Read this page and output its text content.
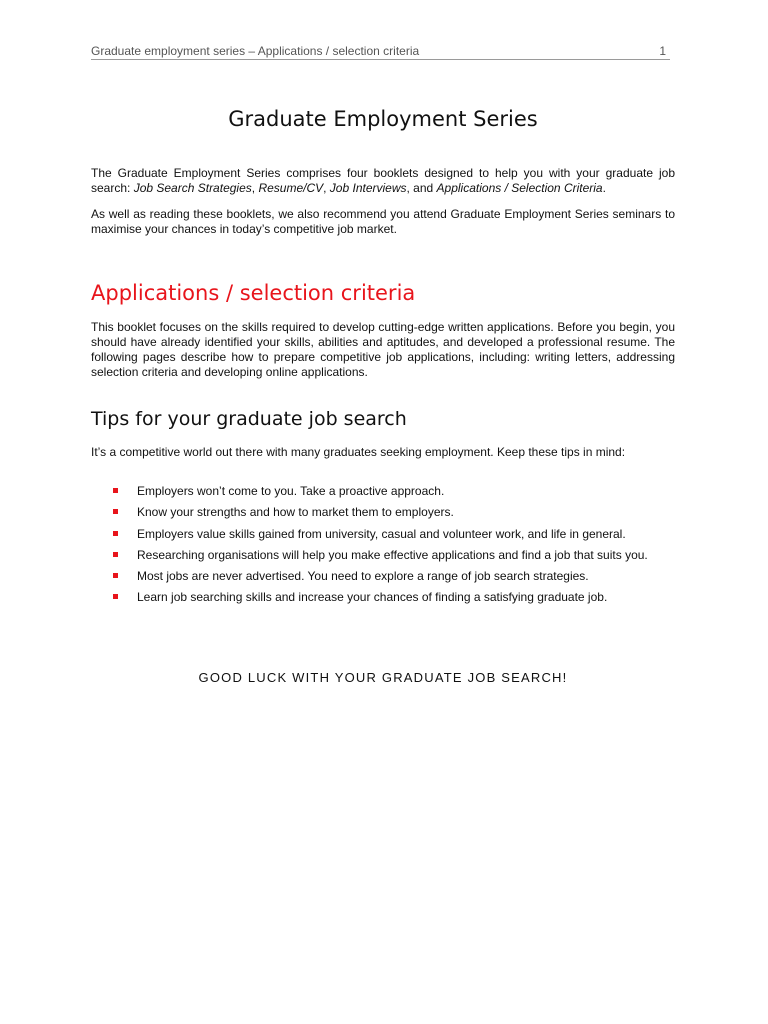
Graduate employment series – Applications / selection criteria	1
Graduate Employment Series

The Graduate Employment Series comprises four booklets designed to help you with your graduate job search: Job Search Strategies, Resume/CV, Job Interviews, and Applications / Selection Criteria.

As well as reading these booklets, we also recommend you attend Graduate Employment Series seminars to maximise your chances in today’s competitive job market.

Applications / selection criteria

This booklet focuses on the skills required to develop cutting-edge written applications. Before you begin, you should have already identified your skills, abilities and aptitudes, and developed a professional resume. The following pages describe how to prepare competitive job applications, including: writing letters, addressing selection criteria and developing online applications.

Tips for your graduate job search

It’s a competitive world out there with many graduates seeking employment. Keep these tips in mind:

Employers won’t come to you. Take a proactive approach.
Know your strengths and how to market them to employers.
Employers value skills gained from university, casual and volunteer work, and life in general.
Researching organisations will help you make effective applications and find a job that suits you.
Most jobs are never advertised. You need to explore a range of job search strategies.
Learn job searching skills and increase your chances of finding a satisfying graduate job.

GOOD LUCK WITH YOUR GRADUATE JOB SEARCH!
